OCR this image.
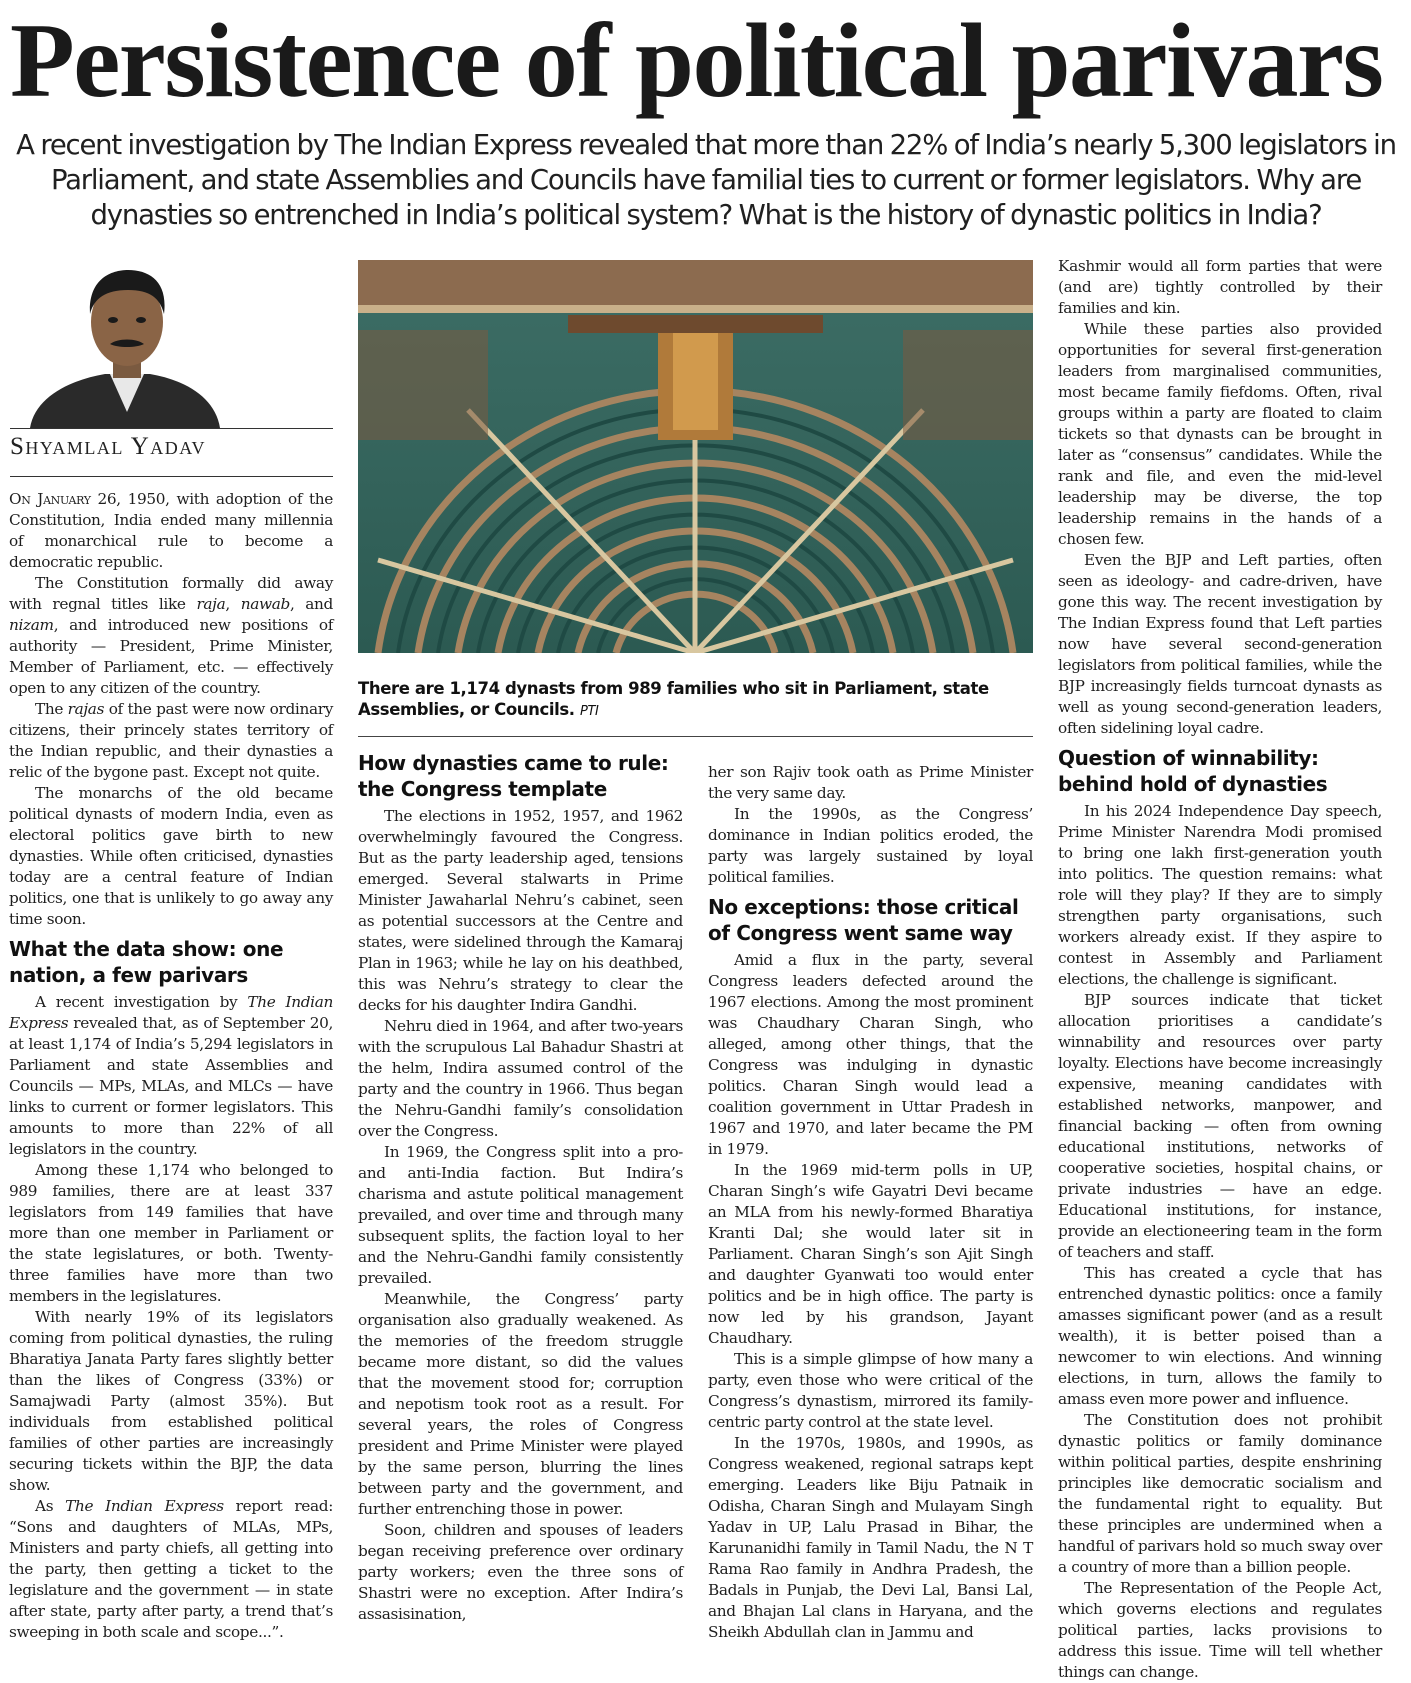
Persistence of political parivars

A recent investigation by The Indian Express revealed that more than 22% of India’s nearly 5,300 legislators in Parliament, and state Assemblies and Councils have familial ties to current or former legislators. Why are dynasties so entrenched in India’s political system? What is the history of dynastic politics in India?

Shyamlal Yadav

There are 1,174 dynasts from 989 families who sit in Parliament, state Assemblies, or Councils. PTI

On January 26, 1950, with adoption of the Constitution, India ended many millennia of monarchical rule to become a democratic republic.

The Constitution formally did away with regnal titles like raja, nawab, and nizam, and introduced new positions of authority — President, Prime Minister, Member of Parliament, etc. — effectively open to any citizen of the country.

The rajas of the past were now ordinary citizens, their princely states territory of the Indian republic, and their dynasties a relic of the bygone past. Except not quite.

The monarchs of the old became political dynasts of modern India, even as electoral politics gave birth to new dynasties. While often criticised, dynasties today are a central feature of Indian politics, one that is unlikely to go away any time soon.

What the data show: one nation, a few parivars

A recent investigation by The Indian Express revealed that, as of September 20, at least 1,174 of India’s 5,294 legislators in Parliament and state Assemblies and Councils — MPs, MLAs, and MLCs — have links to current or former legislators. This amounts to more than 22% of all legislators in the country.

Among these 1,174 who belonged to 989 families, there are at least 337 legislators from 149 families that have more than one member in Parliament or the state legislatures, or both. Twenty-three families have more than two members in the legislatures.

With nearly 19% of its legislators coming from political dynasties, the ruling Bharatiya Janata Party fares slightly better than the likes of Congress (33%) or Samajwadi Party (almost 35%). But individuals from established political families of other parties are increasingly securing tickets within the BJP, the data show.

As The Indian Express report read: “Sons and daughters of MLAs, MPs, Ministers and party chiefs, all getting into the party, then getting a ticket to the legislature and the government — in state after state, party after party, a trend that’s sweeping in both scale and scope...”.

How dynasties came to rule: the Congress template

The elections in 1952, 1957, and 1962 overwhelmingly favoured the Congress. But as the party leadership aged, tensions emerged. Several stalwarts in Prime Minister Jawaharlal Nehru’s cabinet, seen as potential successors at the Centre and states, were sidelined through the Kamaraj Plan in 1963; while he lay on his deathbed, this was Nehru’s strategy to clear the decks for his daughter Indira Gandhi.

Nehru died in 1964, and after two-years with the scrupulous Lal Bahadur Shastri at the helm, Indira assumed control of the party and the country in 1966. Thus began the Nehru-Gandhi family’s consolidation over the Congress.

In 1969, the Congress split into a pro- and anti-India faction. But Indira’s charisma and astute political management prevailed, and over time and through many subsequent splits, the faction loyal to her and the Nehru-Gandhi family consistently prevailed.

Meanwhile, the Congress’ party organisation also gradually weakened. As the memories of the freedom struggle became more distant, so did the values that the movement stood for; corruption and nepotism took root as a result. For several years, the roles of Congress president and Prime Minister were played by the same person, blurring the lines between party and the government, and further entrenching those in power.

Soon, children and spouses of leaders began receiving preference over ordinary party workers; even the three sons of Shastri were no exception. After Indira’s assasisination,

her son Rajiv took oath as Prime Minister the very same day.

In the 1990s, as the Congress’ dominance in Indian politics eroded, the party was largely sustained by loyal political families.

No exceptions: those critical of Congress went same way

Amid a flux in the party, several Congress leaders defected around the 1967 elections. Among the most prominent was Chaudhary Charan Singh, who alleged, among other things, that the Congress was indulging in dynastic politics. Charan Singh would lead a coalition government in Uttar Pradesh in 1967 and 1970, and later became the PM in 1979.

In the 1969 mid-term polls in UP, Charan Singh’s wife Gayatri Devi became an MLA from his newly-formed Bharatiya Kranti Dal; she would later sit in Parliament. Charan Singh’s son Ajit Singh and daughter Gyanwati too would enter politics and be in high office. The party is now led by his grandson, Jayant Chaudhary.

This is a simple glimpse of how many a party, even those who were critical of the Congress’s dynastism, mirrored its family-centric party control at the state level.

In the 1970s, 1980s, and 1990s, as Congress weakened, regional satraps kept emerging. Leaders like Biju Patnaik in Odisha, Charan Singh and Mulayam Singh Yadav in UP, Lalu Prasad in Bihar, the Karunanidhi family in Tamil Nadu, the N T Rama Rao family in Andhra Pradesh, the Badals in Punjab, the Devi Lal, Bansi Lal, and Bhajan Lal clans in Haryana, and the Sheikh Abdullah clan in Jammu and

Kashmir would all form parties that were (and are) tightly controlled by their families and kin.

While these parties also provided opportunities for several first-generation leaders from marginalised communities, most became family fiefdoms. Often, rival groups within a party are floated to claim tickets so that dynasts can be brought in later as “consensus” candidates. While the rank and file, and even the mid-level leadership may be diverse, the top leadership remains in the hands of a chosen few.

Even the BJP and Left parties, often seen as ideology- and cadre-driven, have gone this way. The recent investigation by The Indian Express found that Left parties now have several second-generation legislators from political families, while the BJP increasingly fields turncoat dynasts as well as young second-generation leaders, often sidelining loyal cadre.

Question of winnability: behind hold of dynasties

In his 2024 Independence Day speech, Prime Minister Narendra Modi promised to bring one lakh first-generation youth into politics. The question remains: what role will they play? If they are to simply strengthen party organisations, such workers already exist. If they aspire to contest in Assembly and Parliament elections, the challenge is significant.

BJP sources indicate that ticket allocation prioritises a candidate’s winnability and resources over party loyalty. Elections have become increasingly expensive, meaning candidates with established networks, manpower, and financial backing — often from owning educational institutions, networks of cooperative societies, hospital chains, or private industries — have an edge. Educational institutions, for instance, provide an electioneering team in the form of teachers and staff.

This has created a cycle that has entrenched dynastic politics: once a family amasses significant power (and as a result wealth), it is better poised than a newcomer to win elections. And winning elections, in turn, allows the family to amass even more power and influence.

The Constitution does not prohibit dynastic politics or family dominance within political parties, despite enshrining principles like democratic socialism and the fundamental right to equality. But these principles are undermined when a handful of parivars hold so much sway over a country of more than a billion people.

The Representation of the People Act, which governs elections and regulates political parties, lacks provisions to address this issue. Time will tell whether things can change.
